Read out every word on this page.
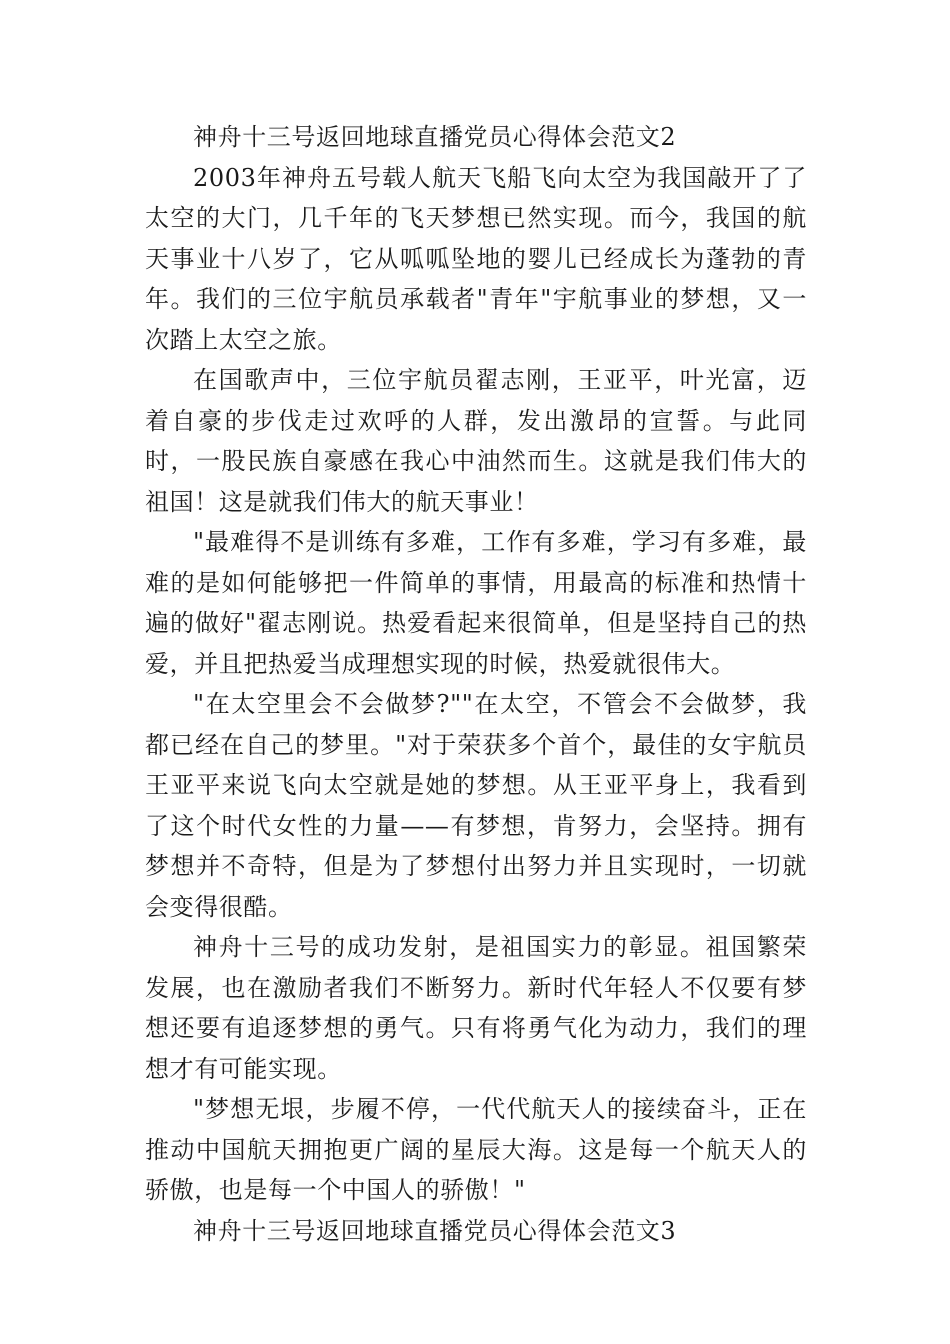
神舟十三号返回地球直播党员心得体会范文2

2003年神舟五号载人航天飞船飞向太空为我国敲开了了太空的大门，几千年的飞天梦想已然实现。而今，我国的航天事业十八岁了，它从呱呱坠地的婴儿已经成长为蓬勃的青年。我们的三位宇航员承载者"青年"宇航事业的梦想，又一次踏上太空之旅。

在国歌声中，三位宇航员翟志刚，王亚平，叶光富，迈着自豪的步伐走过欢呼的人群，发出激昂的宣誓。与此同时，一股民族自豪感在我心中油然而生。这就是我们伟大的祖国！这是就我们伟大的航天事业！

"最难得不是训练有多难，工作有多难，学习有多难，最难的是如何能够把一件简单的事情，用最高的标准和热情十遍的做好"翟志刚说。热爱看起来很简单，但是坚持自己的热爱，并且把热爱当成理想实现的时候，热爱就很伟大。

"在太空里会不会做梦?""在太空，不管会不会做梦，我都已经在自己的梦里。"对于荣获多个首个，最佳的女宇航员王亚平来说飞向太空就是她的梦想。从王亚平身上，我看到了这个时代女性的力量——有梦想，肯努力，会坚持。拥有梦想并不奇特，但是为了梦想付出努力并且实现时，一切就会变得很酷。

神舟十三号的成功发射，是祖国实力的彰显。祖国繁荣发展，也在激励者我们不断努力。新时代年轻人不仅要有梦想还要有追逐梦想的勇气。只有将勇气化为动力，我们的理想才有可能实现。

"梦想无垠，步履不停，一代代航天人的接续奋斗，正在推动中国航天拥抱更广阔的星辰大海。这是每一个航天人的骄傲，也是每一个中国人的骄傲！"

神舟十三号返回地球直播党员心得体会范文3
